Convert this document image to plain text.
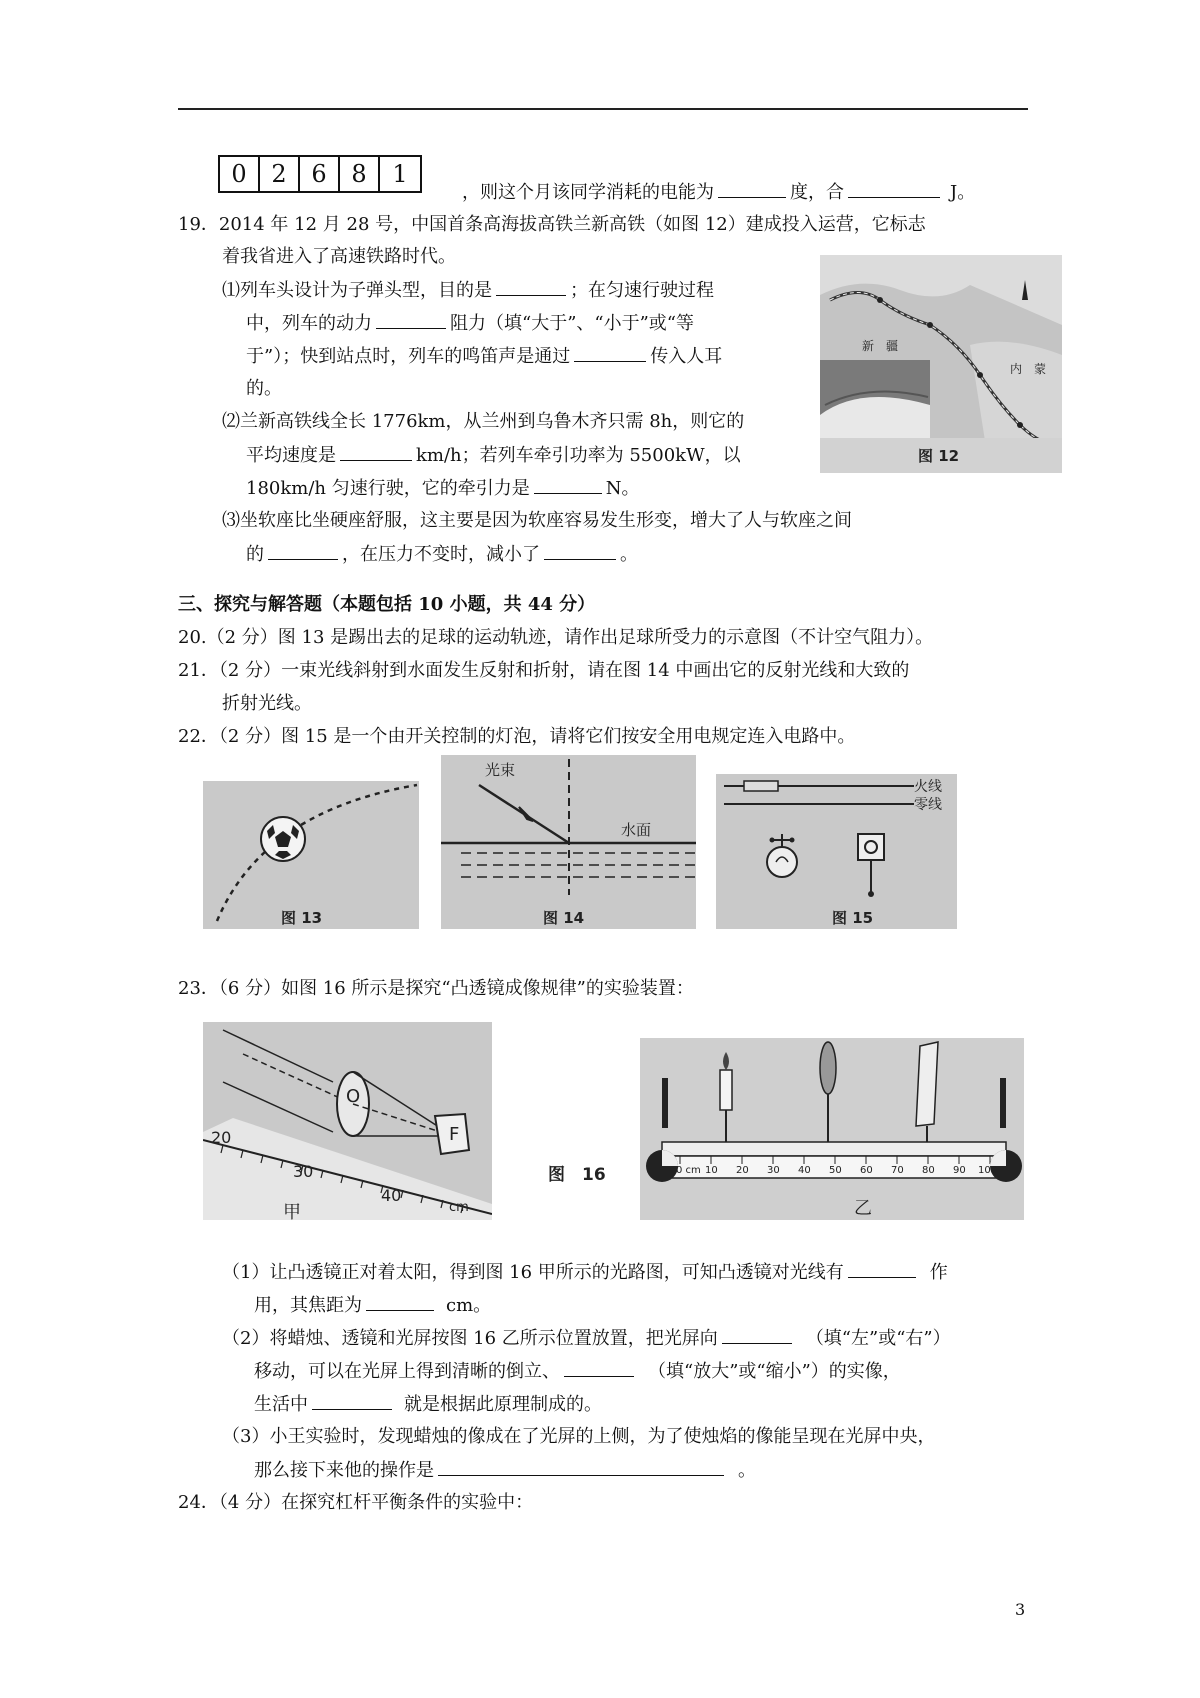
0	2	6	8	1
，则这个月该同学消耗的电能为	度，合	J。
19．2014 年 12 月 28 号，中国首条高海拔高铁兰新高铁（如图 12）建成投入运营，它标志
着我省进入了高速铁路时代。
⑴列车头设计为子弹头型，目的是	；在匀速行驶过程
中，列车的动力	阻力（填“大于”、“小于”或“等
于”）；快到站点时，列车的鸣笛声是通过	传入人耳
的。
⑵兰新高铁线全长 1776km，从兰州到乌鲁木齐只需 8h，则它的
平均速度是	km/h；若列车牵引功率为 5500kW，以
180km/h 匀速行驶，它的牵引力是	N。
⑶坐软座比坐硬座舒服，这主要是因为软座容易发生形变，增大了人与软座之间
的	，在压力不变时，减小了	。
新　疆
内　蒙
图 12
三、探究与解答题（本题包括 10 小题，共 44 分）
20.（2 分）图 13 是踢出去的足球的运动轨迹，请作出足球所受力的示意图（不计空气阻力）。
21．（2 分）一束光线斜射到水面发生反射和折射，请在图 14 中画出它的反射光线和大致的
折射光线。
22．（2 分）图 15 是一个由开关控制的灯泡，请将它们按安全用电规定连入电路中。
图 13
光束
水面
图 14
火线
零线
图 15
23．（6 分）如图 16 所示是探究“凸透镜成像规律”的实验装置：
O
F
20
30
40
cm
甲
图　16	0 cm 10 20 30 40 50 60 70 80 90 100
乙
（1）让凸透镜正对着太阳，得到图 16 甲所示的光路图，可知凸透镜对光线有	作
用，其焦距为	cm。
（2）将蜡烛、透镜和光屏按图 16 乙所示位置放置，把光屏向	（填“左”或“右”）
移动，可以在光屏上得到清晰的倒立、	（填“放大”或“缩小”）的实像，
生活中	就是根据此原理制成的。
（3）小王实验时，发现蜡烛的像成在了光屏的上侧，为了使烛焰的像能呈现在光屏中央，
那么接下来他的操作是	。
24．（4 分）在探究杠杆平衡条件的实验中：
3
